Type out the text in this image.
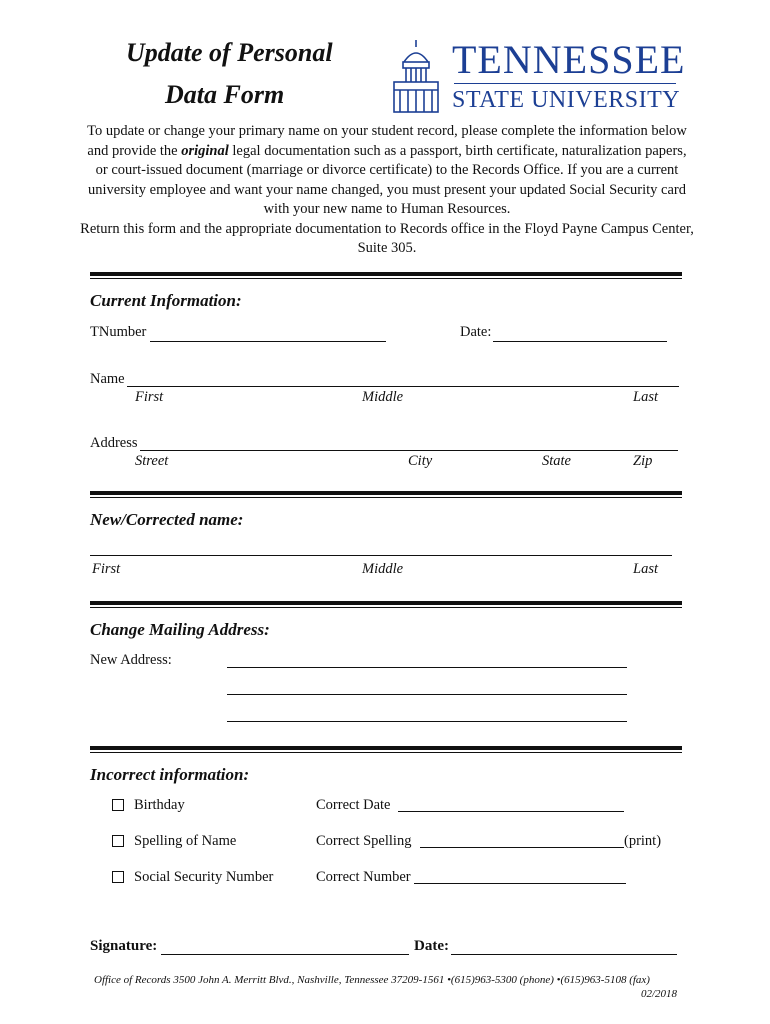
Update of Personal
Data Form
TENNESSEE
STATE UNIVERSITY

To update or change your primary name on your student record, please complete the information below and provide the original legal documentation such as a passport, birth certificate, naturalization papers, or court-issued document (marriage or divorce certificate) to the Records Office. If you are a current university employee and want your name changed, you must present your updated Social Security card with your new name to Human Resources.

Return this form and the appropriate documentation to Records office in the Floyd Payne Campus Center, Suite 305.

Current Information:
TNumber	Date:
Name
First	Middle	Last
Address
Street	City	State	Zip
New/Corrected name:
First	Middle	Last
Change Mailing Address:
New Address:
Incorrect information:
Birthday	Correct Date
Spelling of Name	Correct Spelling	(print)
Social Security Number	Correct Number
Signature:	Date:
Office of Records 3500 John A. Merritt Blvd., Nashville, Tennessee 37209-1561 •(615)963-5300 (phone) •(615)963-5108 (fax)
02/2018
